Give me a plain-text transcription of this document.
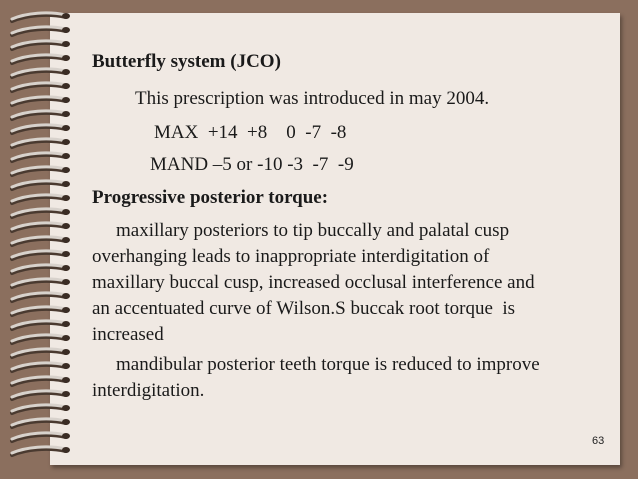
Butterfly system (JCO)
This prescription was introduced in may 2004.
MAX  +14  +8    0  -7  -8
MAND –5 or -10 -3  -7  -9
Progressive posterior torque:
maxillary posteriors to tip buccally and palatal cusp
overhanging leads to inappropriate interdigitation of
maxillary buccal cusp, increased occlusal interference and
an accentuated curve of Wilson.S buccak root torque  is
increased
mandibular posterior teeth torque is reduced to improve
interdigitation.
63
